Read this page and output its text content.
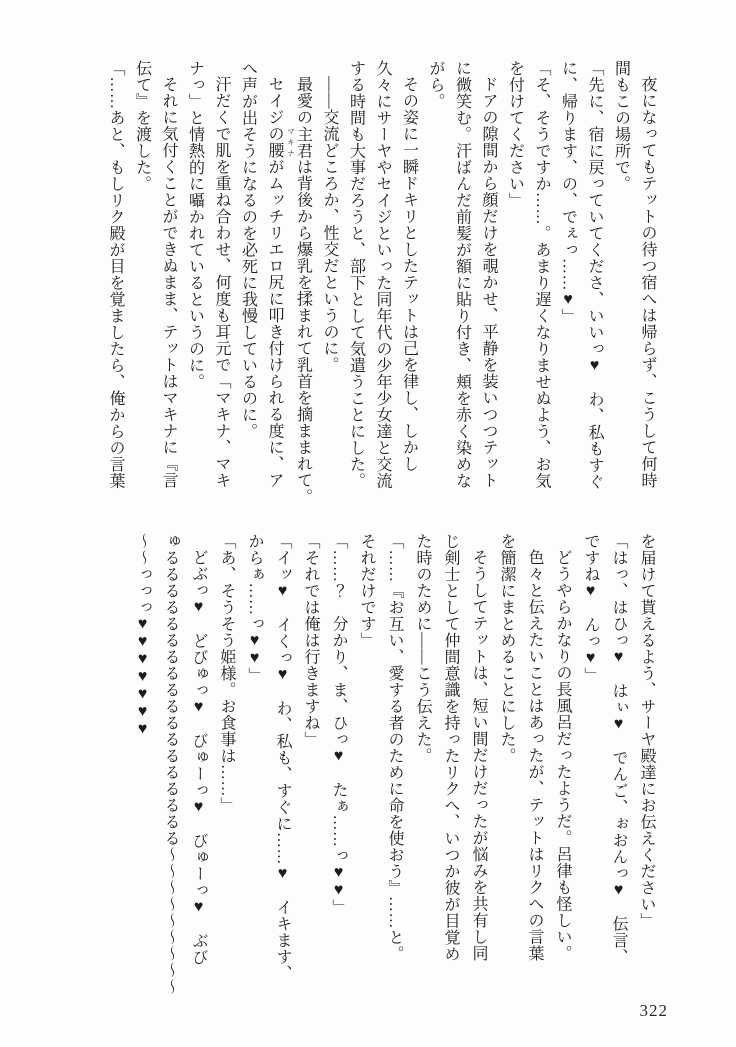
夜になってもテットの待つ宿へは帰らず、こうして何時

間もこの場所で。

「先に、宿に戻っていてくださ、いいっ♥　わ、私もすぐ

に、帰ります、の、でぇっ……♥」

「そ、そうですか……。あまり遅くなりませぬよう、お気

を付けてください」

ドアの隙間から顔だけを覗かせ、平静を装いつつテット

に微笑む。汗ばんだ前髪が額に貼り付き、頬を赤く染めな

がら。

その姿に一瞬ドキリとしたテットは己を律し、しかし

久々にサーヤやセイジといった同年代の少年少女達と交流

する時間も大事だろうと、部下として気遣うことにした。

――交流どころか、性交だというのに。

最愛の主君マキナは背後から爆乳を揉まれて乳首を摘ままれて。

セイジの腰がムッチリエロ尻に叩き付けられる度に、ア

へ声が出そうになるのを必死に我慢しているのに。

汗だくで肌を重ね合わせ、何度も耳元で「マキナ、マキ

ナっ」と情熱的に囁かれているというのに。

それに気付くことができぬまま、テットはマキナに『言

伝て』を渡した。

「……あと、もしリク殿が目を覚ましたら、俺からの言葉

を届けて貰えるよう、サーヤ殿達にお伝えください」

「はっ、はひっ♥　はぃ♥　でんご、ぉおんっ♥　伝言、

ですね♥　んっ♥」

どうやらかなりの長風呂だったようだ。呂律も怪しい。

色々と伝えたいことはあったが、テットはリクへの言葉

を簡潔にまとめることにした。

そうしてテットは、短い間だけだったが悩みを共有し同

じ剣士として仲間意識を持ったリクへ、いつか彼が目覚め

た時のために――こう伝えた。

「……『お互い、愛する者のために命を使おう』……と。

それだけです」

「……？　分かり、ま、ひっ♥　たぁ……っ♥♥」

「それでは俺は行きますね」

「イッ♥　イくっ♥　わ、私も、すぐに……♥　イキます、

からぁ……っ♥♥」

「あ、そうそう姫様。お食事は……」

どぶっ♥　どびゅっ♥　びゅーっ♥　びゅーっ♥　ぶび

ゅるるるるるるるるるるるるるるるるるる〜〜〜〜〜〜〜〜〜

〜〜っっっ♥♥♥♥♥♥♥

322
